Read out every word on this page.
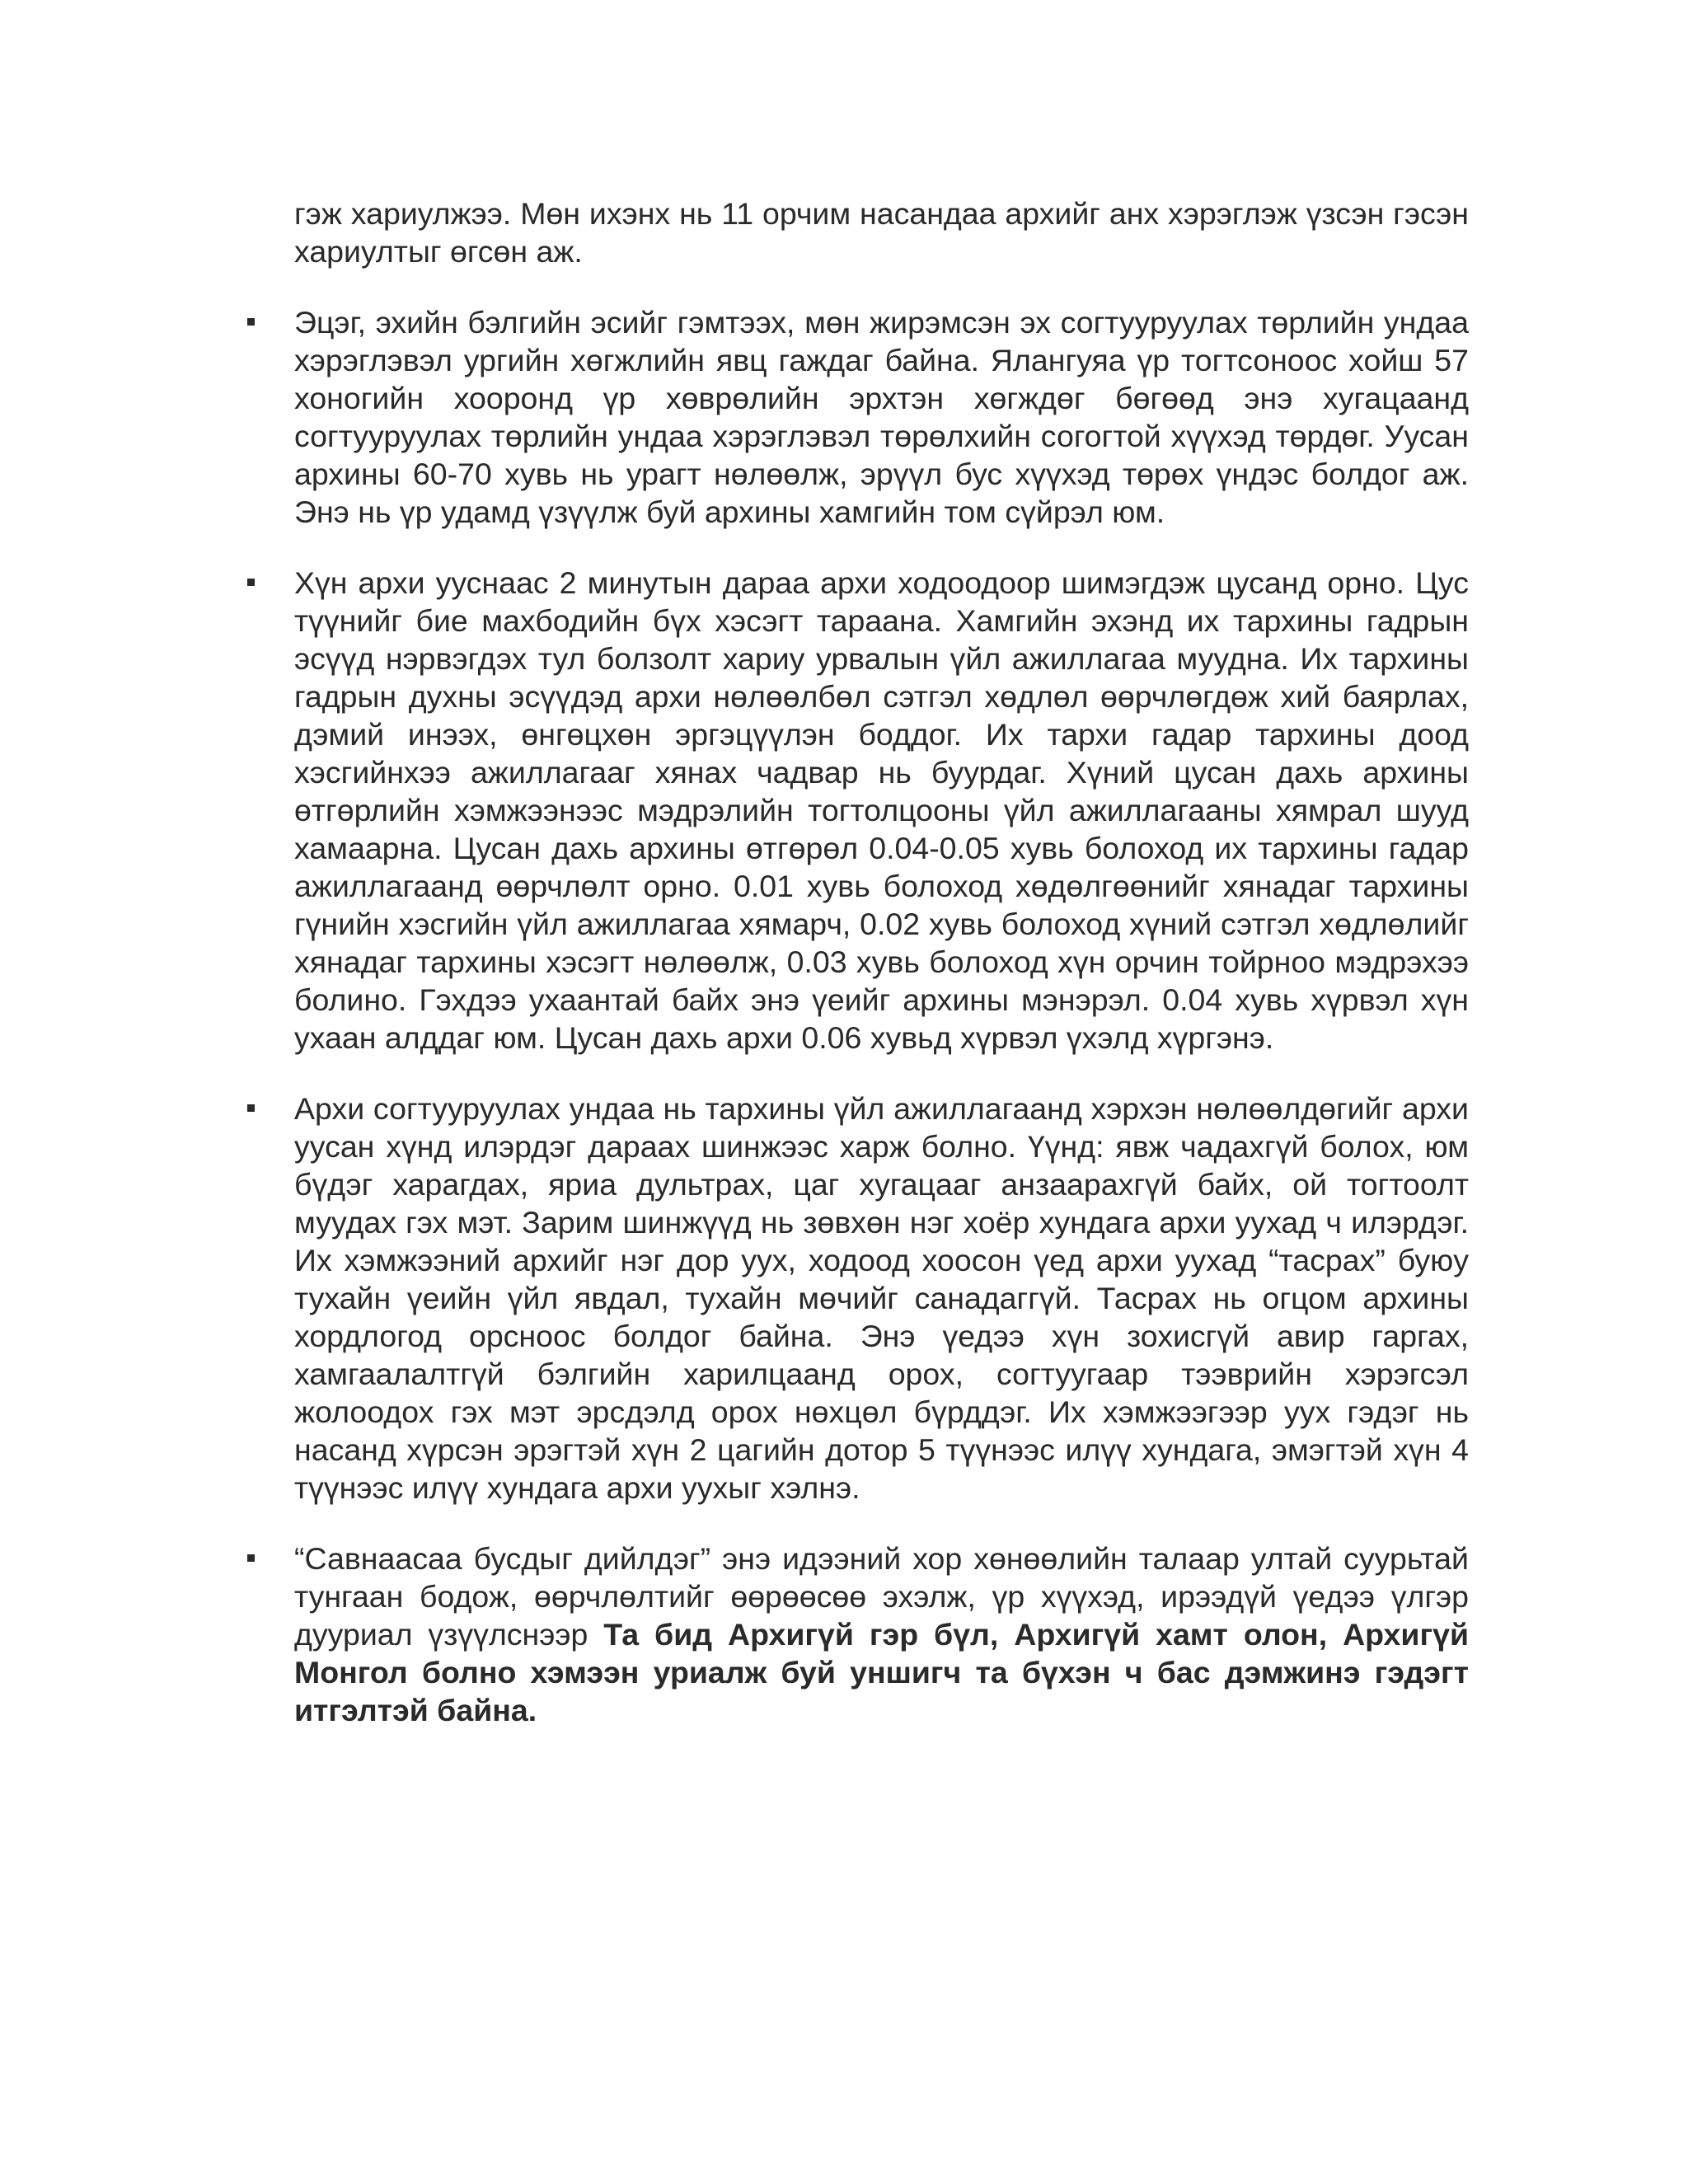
гэж хариулжээ. Мөн ихэнх нь 11 орчим насандаа архийг анх хэрэглэж үзсэн гэсэн хариултыг өгсөн аж.

Эцэг, эхийн бэлгийн эсийг гэмтээх, мөн жирэмсэн эх согтууруулах төрлийн ундаа хэрэглэвэл ургийн хөгжлийн явц гаждаг байна. Ялангуяа үр тогтсоноос хойш 57 хоногийн хооронд үр хөврөлийн эрхтэн хөгждөг бөгөөд энэ хугацаанд согтууруулах төрлийн ундаа хэрэглэвэл төрөлхийн согогтой хүүхэд төрдөг. Уусан архины 60-70 хувь нь урагт нөлөөлж, эрүүл бус хүүхэд төрөх үндэс болдог аж. Энэ нь үр удамд үзүүлж буй архины хамгийн том сүйрэл юм.

Хүн архи ууснаас 2 минутын дараа архи ходоодоор шимэгдэж цусанд орно. Цус түүнийг бие махбодийн бүх хэсэгт тараана. Хамгийн эхэнд их тархины гадрын эсүүд нэрвэгдэх тул болзолт хариу урвалын үйл ажиллагаа муудна. Их тархины гадрын духны эсүүдэд архи нөлөөлбөл сэтгэл хөдлөл өөрчлөгдөж хий баярлах, дэмий инээх, өнгөцхөн эргэцүүлэн боддог. Их тархи гадар тархины доод хэсгийнхээ ажиллагааг хянах чадвар нь буурдаг. Хүний цусан дахь архины өтгөрлийн хэмжээнээс мэдрэлийн тогтолцооны үйл ажиллагааны хямрал шууд хамаарна. Цусан дахь архины өтгөрөл 0.04-0.05 хувь болоход их тархины гадар ажиллагаанд өөрчлөлт орно. 0.01 хувь болоход хөдөлгөөнийг хянадаг тархины гүнийн хэсгийн үйл ажиллагаа хямарч, 0.02 хувь болоход хүний сэтгэл хөдлөлийг хянадаг тархины хэсэгт нөлөөлж, 0.03 хувь болоход хүн орчин тойрноо мэдрэхээ болино. Гэхдээ ухаантай байх энэ үеийг архины мэнэрэл. 0.04 хувь хүрвэл хүн ухаан алддаг юм. Цусан дахь архи 0.06 хувьд хүрвэл үхэлд хүргэнэ.

Архи согтууруулах ундаа нь тархины үйл ажиллагаанд хэрхэн нөлөөлдөгийг архи уусан хүнд илэрдэг дараах шинжээс харж болно. Үүнд: явж чадахгүй болох, юм бүдэг харагдах, яриа дультрах, цаг хугацааг анзаарахгүй байх, ой тогтоолт муудах гэх мэт. Зарим шинжүүд нь зөвхөн нэг хоёр хундага архи уухад ч илэрдэг. Их хэмжээний архийг нэг дор уух, ходоод хоосон үед архи уухад “тасрах” буюу тухайн үеийн үйл явдал, тухайн мөчийг санадаггүй. Тасрах нь огцом архины хордлогод орсноос болдог байна. Энэ үедээ хүн зохисгүй авир гаргах, хамгаалалтгүй бэлгийн харилцаанд орох, согтуугаар тээврийн хэрэгсэл жолоодох гэх мэт эрсдэлд орох нөхцөл бүрддэг. Их хэмжээгээр уух гэдэг нь насанд хүрсэн эрэгтэй хүн 2 цагийн дотор 5 түүнээс илүү хундага, эмэгтэй хүн 4 түүнээс илүү хундага архи уухыг хэлнэ.

“Савнаасаа бусдыг дийлдэг” энэ идээний хор хөнөөлийн талаар ултай суурьтай тунгаан бодож, өөрчлөлтийг өөрөөсөө эхэлж, үр хүүхэд, ирээдүй үедээ үлгэр дууриал үзүүлснээр Та бид Архигүй гэр бүл, Архигүй хамт олон, Архигүй Монгол болно хэмээн уриалж буй уншигч та бүхэн ч бас дэмжинэ гэдэгт итгэлтэй байна.
